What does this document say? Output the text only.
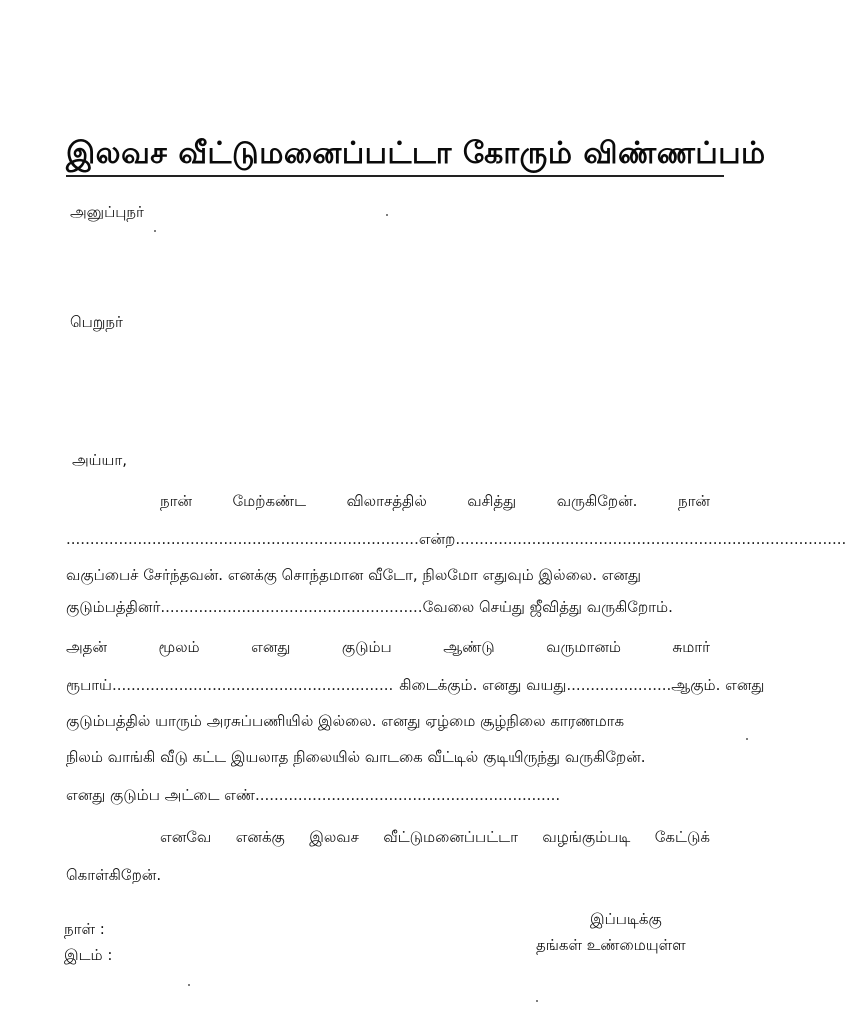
இலவச வீட்டுமனைப்பட்டா கோரும் விண்ணப்பம்
அனுப்புநர்
பெறுநர்
அய்யா,
நான்	மேற்கண்ட	விலாசத்தில்	வசித்து	வருகிறேன்.	நான்
.......................................................................... என்ற ..................................................................................
வகுப்பைச் சேர்ந்தவன். எனக்கு சொந்தமான வீடோ, நிலமோ எதுவும் இல்லை. எனது
குடும்பத்தினர் ....................................................... வேலை செய்து ஜீவித்து வருகிறோம்.
அதன்	மூலம்	எனது	குடும்ப	ஆண்டு	வருமானம்	சுமார்
ரூபாய் ........................................................... கிடைக்கும். எனது வயது ...................... ஆகும். எனது
குடும்பத்தில் யாரும் அரசுப்பணியில் இல்லை. எனது ஏழ்மை சூழ்நிலை காரணமாக
நிலம் வாங்கி வீடு கட்ட இயலாத நிலையில் வாடகை வீட்டில் குடியிருந்து வருகிறேன்.
எனது குடும்ப அட்டை எண் ................................................................
எனவே எனக்கு இலவச வீட்டுமனைப்பட்டா வழங்கும்படி கேட்டுக்
கொள்கிறேன்.
நாள் :
இடம் :
இப்படிக்கு
தங்கள் உண்மையுள்ள
